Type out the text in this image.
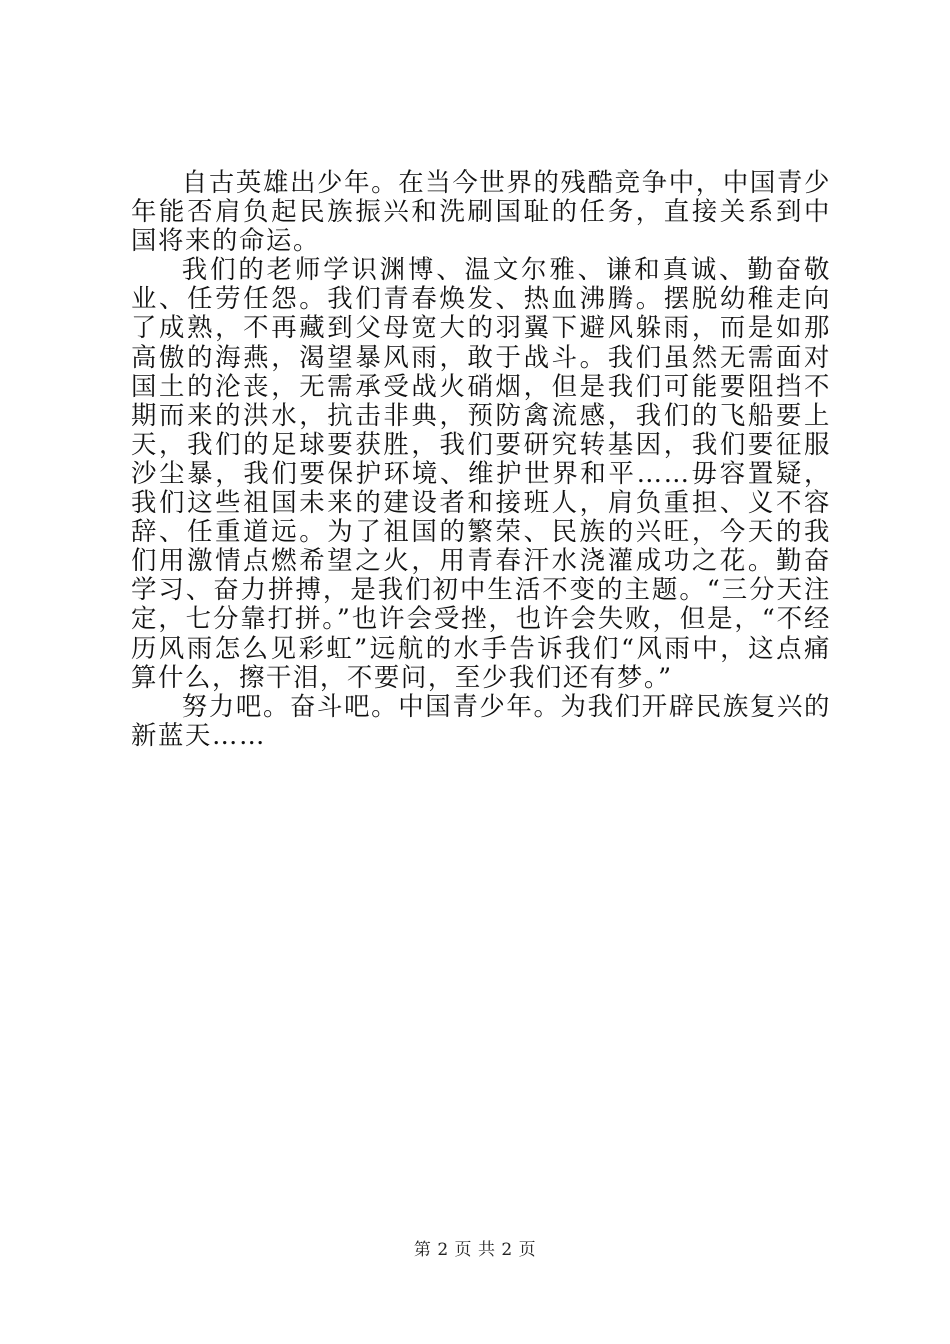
自古英雄出少年。在当今世界的残酷竞争中，中国青少年能否肩负起民族振兴和洗刷国耻的任务，直接关系到中国将来的命运。

我们的老师学识渊博、温文尔雅、谦和真诚、勤奋敬业、任劳任怨。我们青春焕发、热血沸腾。摆脱幼稚走向了成熟，不再藏到父母宽大的羽翼下避风躲雨，而是如那高傲的海燕，渴望暴风雨，敢于战斗。我们虽然无需面对国土的沦丧，无需承受战火硝烟，但是我们可能要阻挡不期而来的洪水，抗击非典，预防禽流感，我们的飞船要上天，我们的足球要获胜，我们要研究转基因，我们要征服沙尘暴，我们要保护环境、维护世界和平……毋容置疑，我们这些祖国未来的建设者和接班人，肩负重担、义不容辞、任重道远。为了祖国的繁荣、民族的兴旺，今天的我们用激情点燃希望之火，用青春汗水浇灌成功之花。勤奋学习、奋力拼搏，是我们初中生活不变的主题。“三分天注定，七分靠打拼。”也许会受挫，也许会失败，但是，“不经历风雨怎么见彩虹”远航的水手告诉我们“风雨中，这点痛算什么，擦干泪，不要问，至少我们还有梦。”

努力吧。奋斗吧。中国青少年。为我们开辟民族复兴的新蓝天……

第 2 页 共 2 页
